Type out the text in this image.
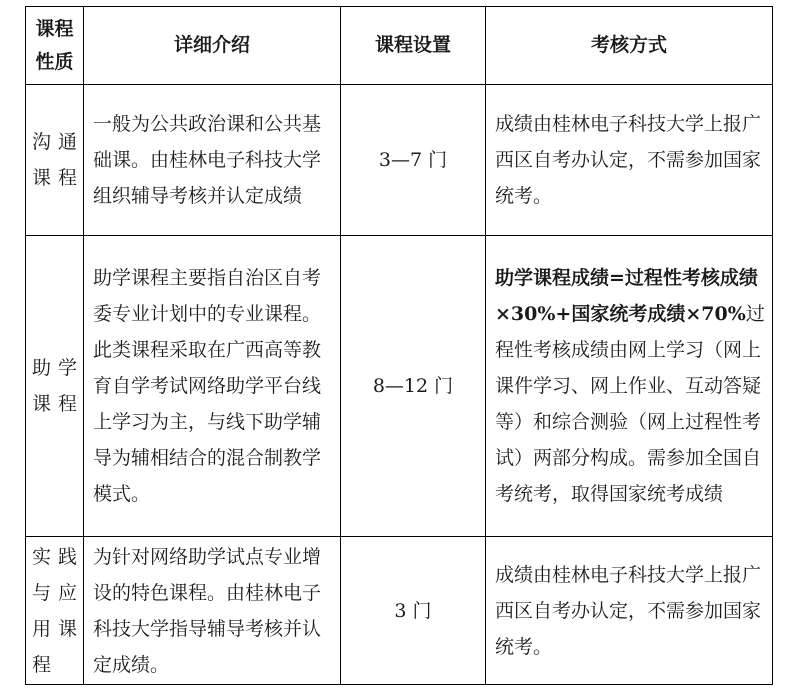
课程
性质	详细介绍	课程设置	考核方式

沟 通
课程	一般为公共政治课和公共基础课。由桂林电子科技大学组织辅导考核并认定成绩	3—7 门	成绩由桂林电子科技大学上报广西区自考办认定，不需参加国家统考。

助 学
课程	助学课程主要指自治区自考委专业计划中的专业课程。此类课程采取在广西高等教育自学考试网络助学平台线上学习为主，与线下助学辅导为辅相结合的混合制教学模式。	8—12 门	助学课程成绩=过程性考核成绩×30%+国家统考成绩×70%过程性考核成绩由网上学习（网上课件学习、网上作业、互动答疑等）和综合测验（网上过程性考试）两部分构成。需参加全国自考统考，取得国家统考成绩

实 践
与 应
用 课
程	为针对网络助学试点专业增设的特色课程。由桂林电子科技大学指导辅导考核并认定成绩。	3 门	成绩由桂林电子科技大学上报广西区自考办认定，不需参加国家统考。
